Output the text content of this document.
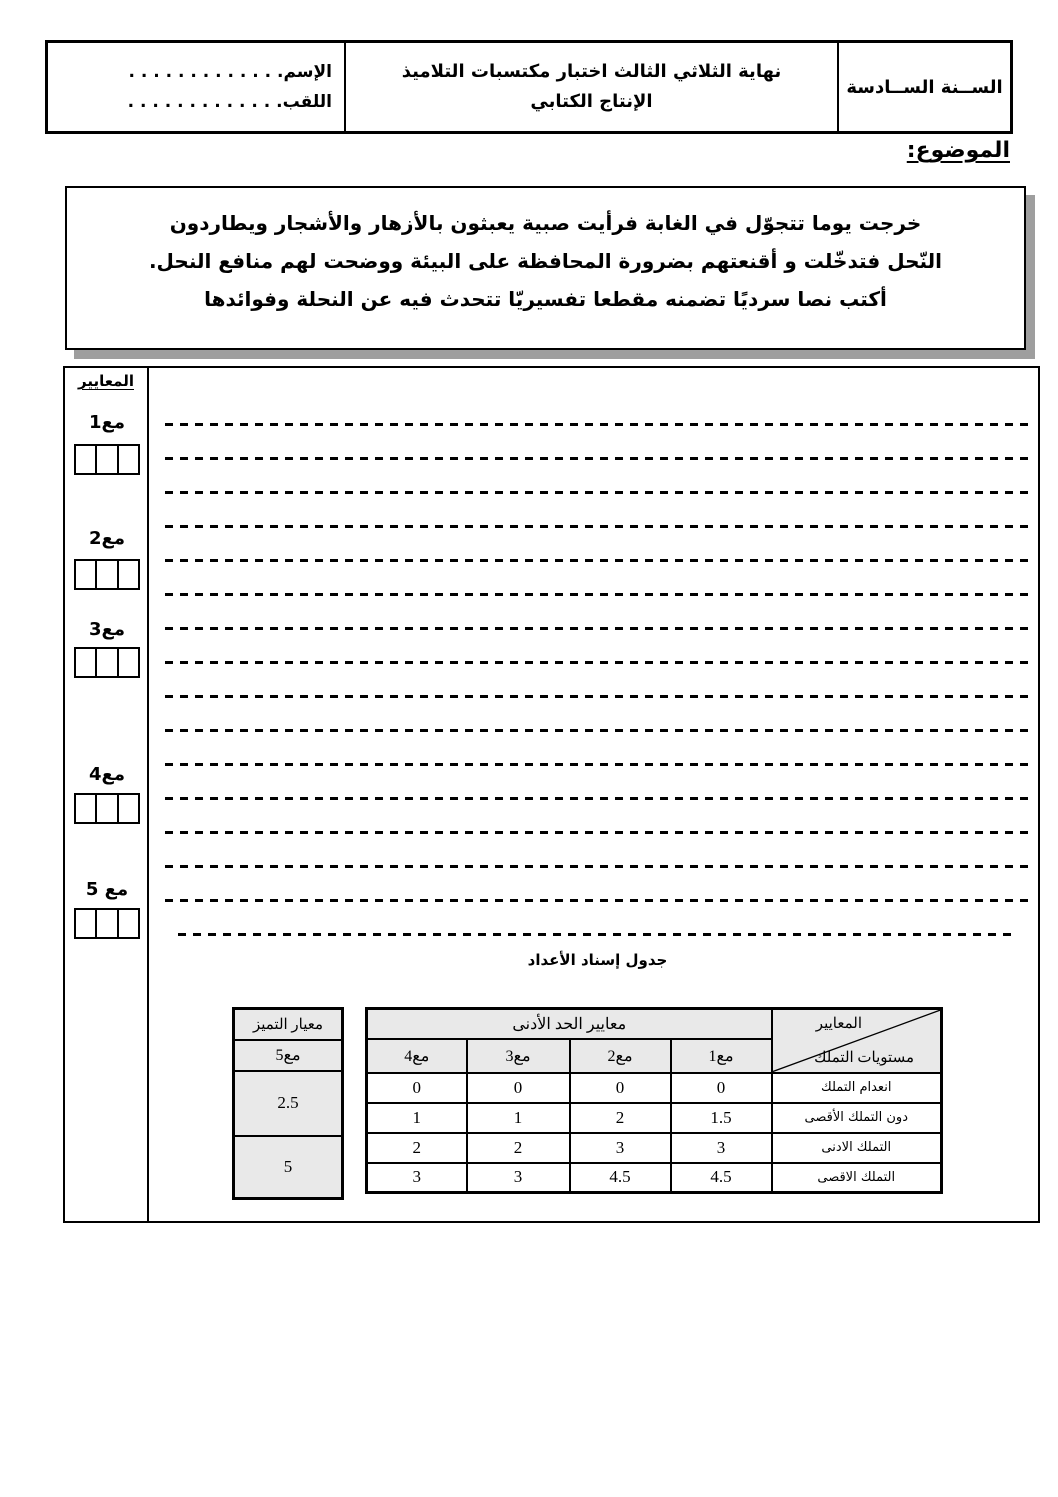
الســنة الســادسة
نهاية الثلاثي الثالث اختبار مكتسبات التلاميذ
الإنتاج الكتابي
الإسم. . . . . . . . . . . . .
اللقب. . . . . . . . . . . . .
الموضوع:
خرجت يوما تتجوّل في الغابة فرأيت صبية يعبثون بالأزهار والأشجار ويطاردون
النّحل فتدخّلت و أقنعتهم بضرورة المحافظة على البيئة ووضحت لهم منافع النحل.
أكتب نصا سرديًا تضمنه مقطعا تفسيريّا تتحدث فيه عن النحلة وفوائدها
المعايير
مع1
مع2
مع3
مع4
مع 5
جدول إسناد الأعداد
معيار التميز
مع5
2.5
5
المعايير
مستويات التملك	معايير الحد الأدنى			
	مع1	مع2	مع3	مع4
انعدام التملك	0	0	0	0
دون التملك الأقصى	1.5	2	1	1
التملك الادنى	3	3	2	2
التملك الاقصى	4.5	4.5	3	3
